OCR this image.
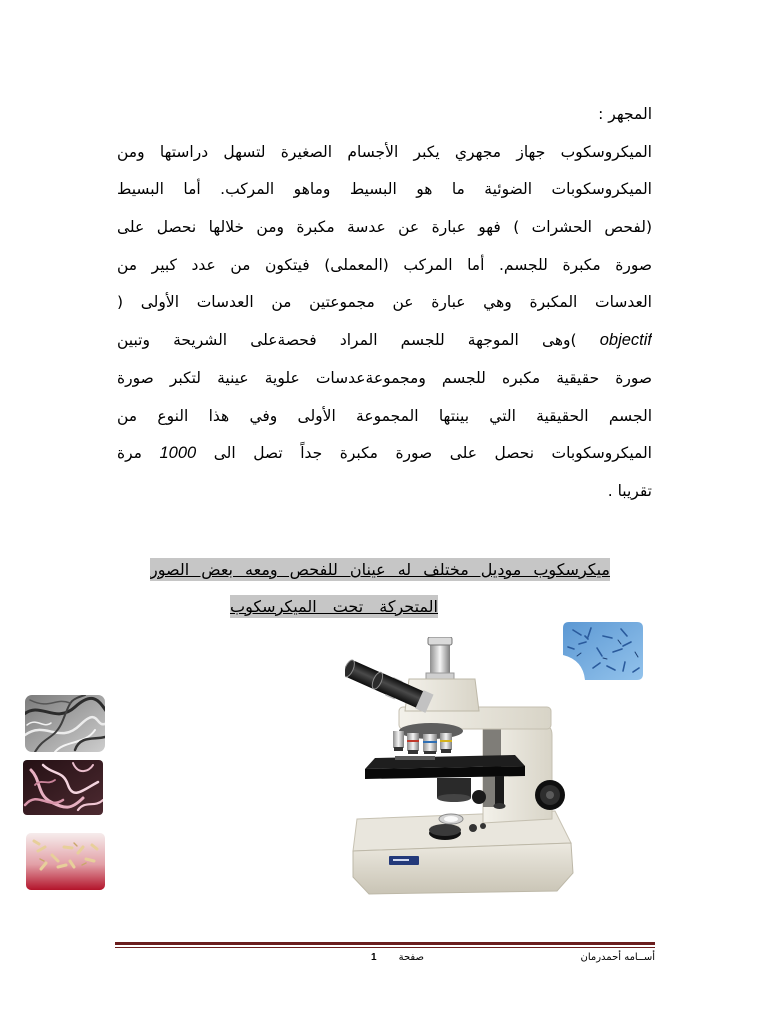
المجهر :
الميكروسكوب جهاز مجهري يكبر الأجسام الصغيرة لتسهل دراستها ومن
الميكروسكوبات الضوئية ما هو البسيط وماهو المركب. أما البسيط
(لفحص الحشرات ) فهو عبارة عن عدسة مكبرة ومن خلالها نحصل على
صورة مكبرة للجسم. أما المركب (المعملى) فيتكون من عدد كبير من
العدسات المكبرة وهي عبارة عن مجموعتين من العدسات الأولى (
objectif )وهى الموجهة للجسم المراد فحصةعلى الشريحة وتبين
صورة حقيقية مكبره للجسم ومجموعةعدسات علوية عينية لتكبر صورة
الجسم الحقيقية التي بينتها المجموعة الأولى وفي هذا النوع من
الميكروسكوبات نحصل على صورة مكبرة جداً تصل الى 1000 مرة
تقريبا .
ميكرسكوب موديل مختلف له عينان للفحص ومعه بعض الصور
المتحركة تحت الميكرسكوب
أســامه أحمدرمان
صفحة1
